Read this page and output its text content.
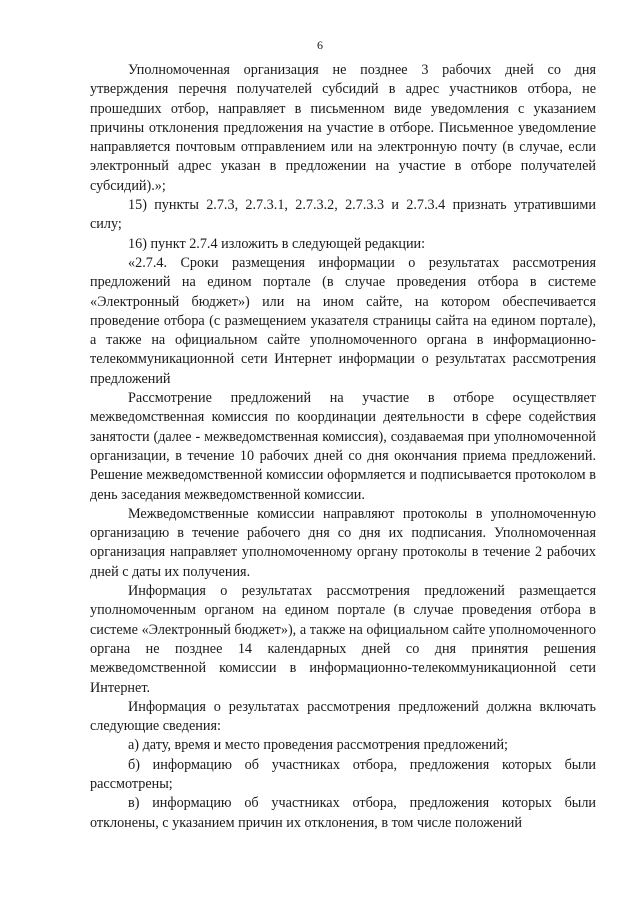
6

Уполномоченная организация не позднее 3 рабочих дней со дня утверждения перечня получателей субсидий в адрес участников отбора, не прошедших отбор, направляет в письменном виде уведомления с указанием причины отклонения предложения на участие в отборе. Письменное уведомление направляется почтовым отправлением или на электронную почту (в случае, если электронный адрес указан в предложении на участие в отборе получателей субсидий).»;

15) пункты 2.7.3, 2.7.3.1, 2.7.3.2, 2.7.3.3 и 2.7.3.4 признать утратившими силу;

16) пункт 2.7.4 изложить в следующей редакции:

«2.7.4. Сроки размещения информации о результатах рассмотрения предложений на едином портале (в случае проведения отбора в системе «Электронный бюджет») или на ином сайте, на котором обеспечивается проведение отбора (с размещением указателя страницы сайта на едином портале), а также на официальном сайте уполномоченного органа в информационно-телекоммуникационной сети Интернет информации о результатах рассмотрения предложений

Рассмотрение предложений на участие в отборе осуществляет межведомственная комиссия по координации деятельности в сфере содействия занятости (далее - межведомственная комиссия), создаваемая при уполномоченной организации, в течение 10 рабочих дней со дня окончания приема предложений. Решение межведомственной комиссии оформляется и подписывается протоколом в день заседания межведомственной комиссии.

Межведомственные комиссии направляют протоколы в уполномоченную организацию в течение рабочего дня со дня их подписания. Уполномоченная организация направляет уполномоченному органу протоколы в течение 2 рабочих дней с даты их получения.

Информация о результатах рассмотрения предложений размещается уполномоченным органом на едином портале (в случае проведения отбора в системе «Электронный бюджет»), а также на официальном сайте уполномоченного органа не позднее 14 календарных дней со дня принятия решения межведомственной комиссии в информационно-телекоммуникационной сети Интернет.

Информация о результатах рассмотрения предложений должна включать следующие сведения:

а) дату, время и место проведения рассмотрения предложений;

б) информацию об участниках отбора, предложения которых были рассмотрены;

в) информацию об участниках отбора, предложения которых были отклонены, с указанием причин их отклонения, в том числе положений
